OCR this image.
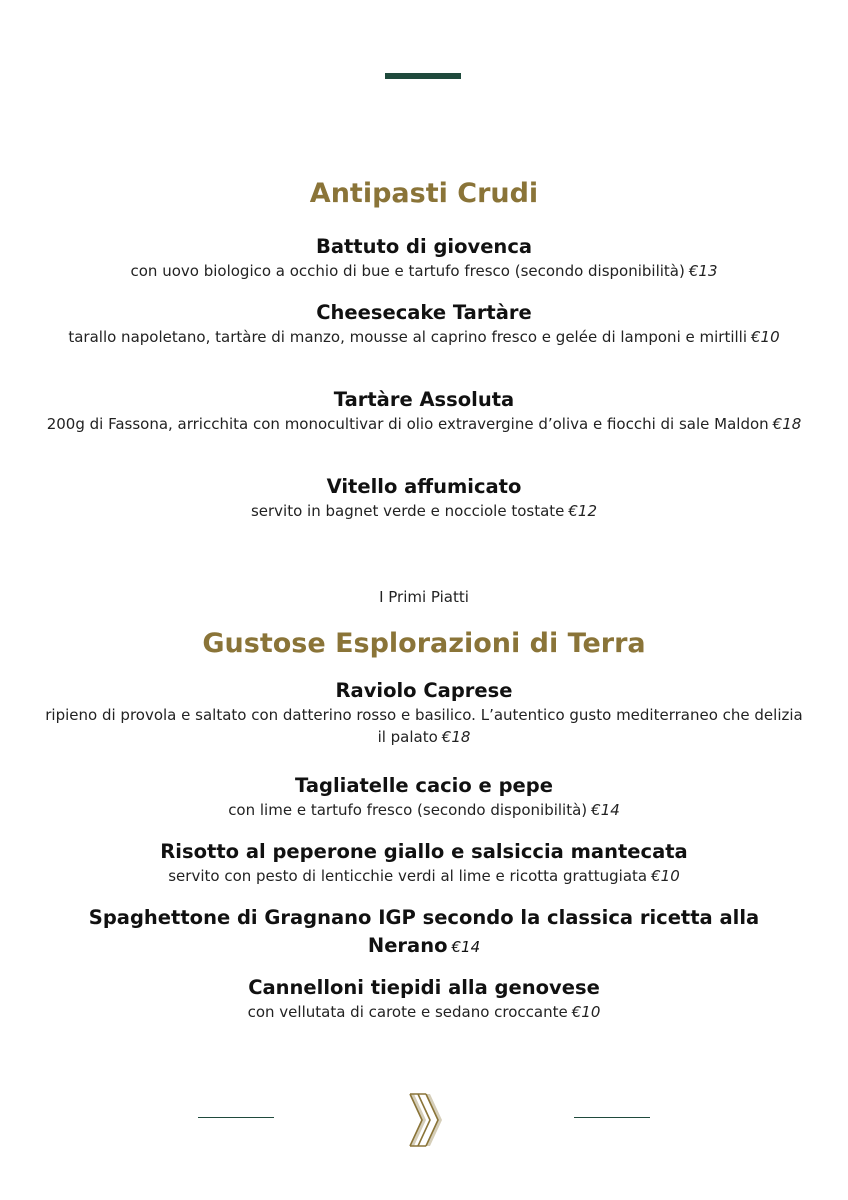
Antipasti Crudi
Battuto di giovenca
con uovo biologico a occhio di bue e tartufo fresco (secondo disponibilità) €13
Cheesecake Tartàre
tarallo napoletano, tartàre di manzo, mousse al caprino fresco e gelée di lamponi e mirtilli €10
Tartàre Assoluta
200g di Fassona, arricchita con monocultivar di olio extravergine d’oliva e fiocchi di sale Maldon €18
Vitello affumicato
servito in bagnet verde e nocciole tostate €12
I Primi Piatti
Gustose Esplorazioni di Terra
Raviolo Caprese
ripieno di provola e saltato con datterino rosso e basilico. L’autentico gusto mediterraneo che delizia il palato €18
Tagliatelle cacio e pepe
con lime e tartufo fresco (secondo disponibilità) €14
Risotto al peperone giallo e salsiccia mantecata
servito con pesto di lenticchie verdi al lime e ricotta grattugiata €10
Spaghettone di Gragnano IGP secondo la classica ricetta alla Nerano €14
Cannelloni tiepidi alla genovese
con vellutata di carote e sedano croccante €10
